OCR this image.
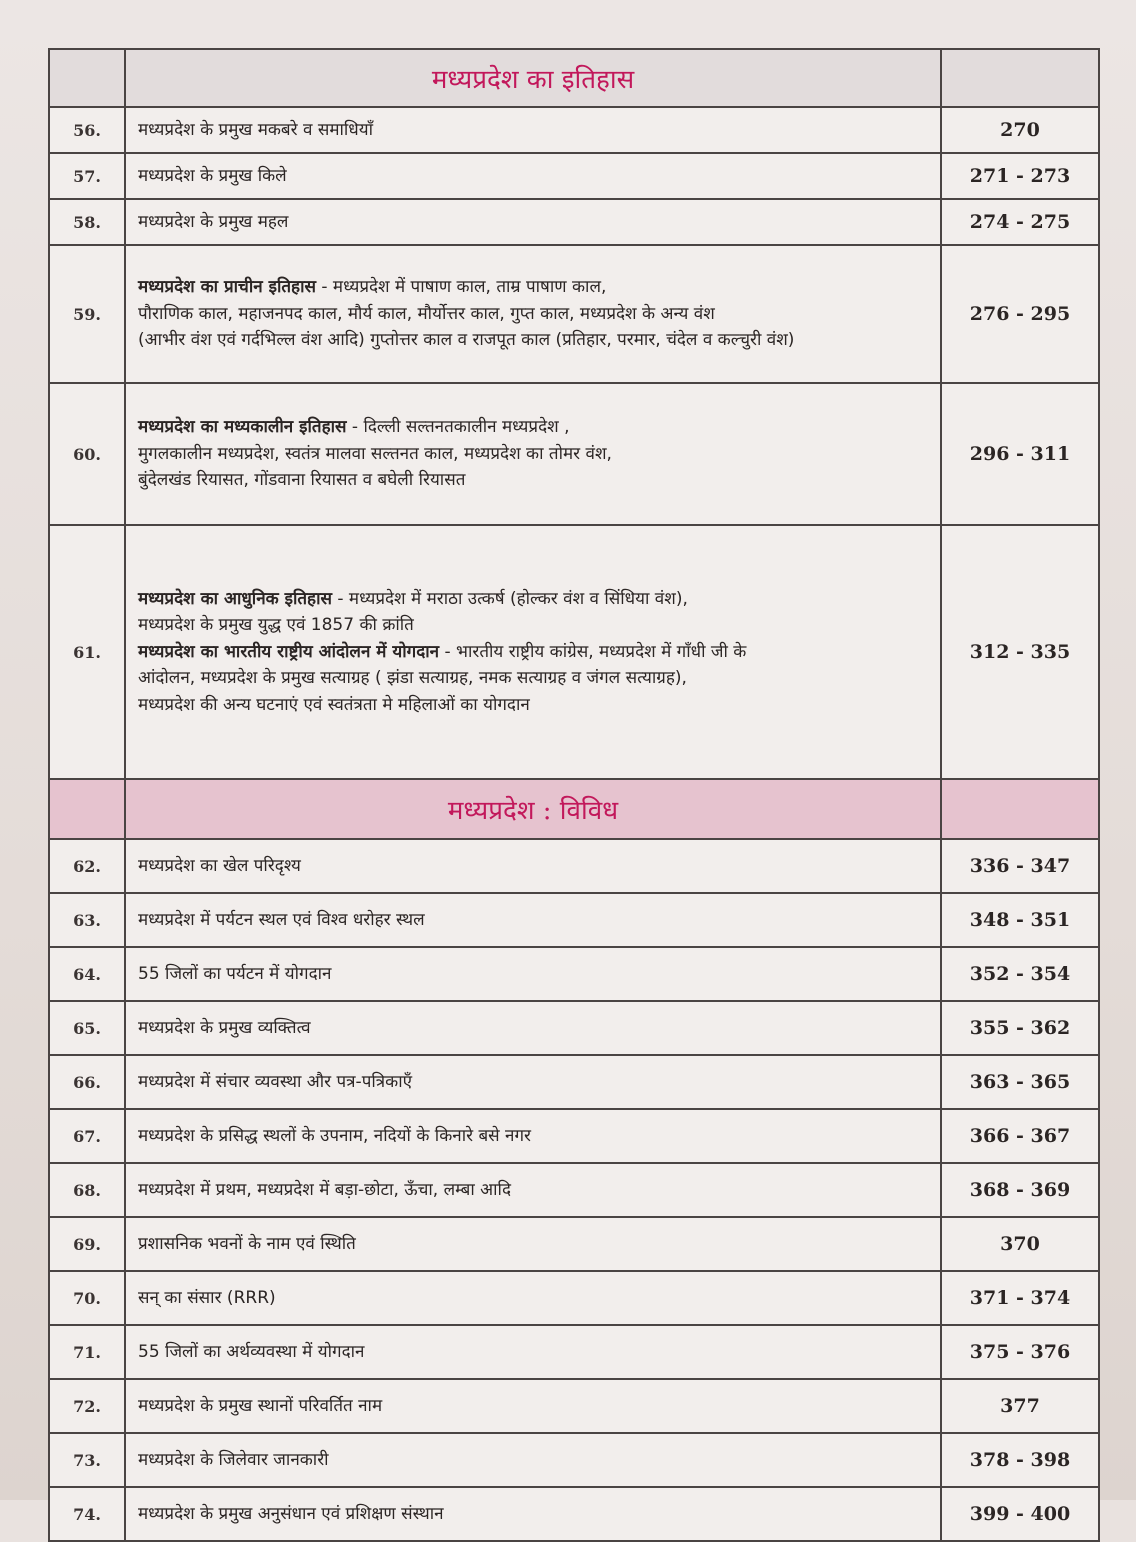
	मध्यप्रदेश का इतिहास	
56.	मध्यप्रदेश के प्रमुख मकबरे व समाधियाँ	270
57.	मध्यप्रदेश के प्रमुख किले	271 - 273
58.	मध्यप्रदेश के प्रमुख महल	274 - 275
59.	मध्यप्रदेश का प्राचीन इतिहास - मध्यप्रदेश में पाषाण काल, ताम्र पाषाण काल,
पौराणिक काल, महाजनपद काल, मौर्य काल, मौर्योत्तर काल, गुप्त काल, मध्यप्रदेश के अन्य वंश
(आभीर वंश एवं गर्दभिल्ल वंश आदि) गुप्तोत्तर काल व राजपूत काल (प्रतिहार, परमार, चंदेल व कल्चुरी वंश)	276 - 295
60.	मध्यप्रदेश का मध्यकालीन इतिहास - दिल्ली सल्तनतकालीन मध्यप्रदेश ,
मुगलकालीन मध्यप्रदेश, स्वतंत्र मालवा सल्तनत काल, मध्यप्रदेश का तोमर वंश,
बुंदेलखंड रियासत, गोंडवाना रियासत व बघेली रियासत	296 - 311
61.	मध्यप्रदेश का आधुनिक इतिहास - मध्यप्रदेश में मराठा उत्कर्ष (होल्कर वंश व सिंधिया वंश),
मध्यप्रदेश के प्रमुख युद्ध एवं 1857 की क्रांति
मध्यप्रदेश का भारतीय राष्ट्रीय आंदोलन में योगदान - भारतीय राष्ट्रीय कांग्रेस, मध्यप्रदेश में गाँधी जी के
आंदोलन, मध्यप्रदेश के प्रमुख सत्याग्रह ( झंडा सत्याग्रह, नमक सत्याग्रह व जंगल सत्याग्रह),
मध्यप्रदेश की अन्य घटनाएं एवं स्वतंत्रता मे महिलाओं का योगदान	312 - 335
	मध्यप्रदेश : विविध	
62.	मध्यप्रदेश का खेल परिदृश्य	336 - 347
63.	मध्यप्रदेश में पर्यटन स्थल एवं विश्व धरोहर स्थल	348 - 351
64.	55 जिलों का पर्यटन में योगदान	352 - 354
65.	मध्यप्रदेश के प्रमुख व्यक्तित्व	355 - 362
66.	मध्यप्रदेश में संचार व्यवस्था और पत्र-पत्रिकाएँ	363 - 365
67.	मध्यप्रदेश के प्रसिद्ध स्थलों के उपनाम, नदियों के किनारे बसे नगर	366 - 367
68.	मध्यप्रदेश में प्रथम, मध्यप्रदेश में बड़ा-छोटा, ऊँचा, लम्बा आदि	368 - 369
69.	प्रशासनिक भवनों के नाम एवं स्थिति	370
70.	सन् का संसार (RRR)	371 - 374
71.	55 जिलों का अर्थव्यवस्था में योगदान	375 - 376
72.	मध्यप्रदेश के प्रमुख स्थानों परिवर्तित नाम	377
73.	मध्यप्रदेश के जिलेवार जानकारी	378 - 398
74.	मध्यप्रदेश के प्रमुख अनुसंधान एवं प्रशिक्षण संस्थान	399 - 400
